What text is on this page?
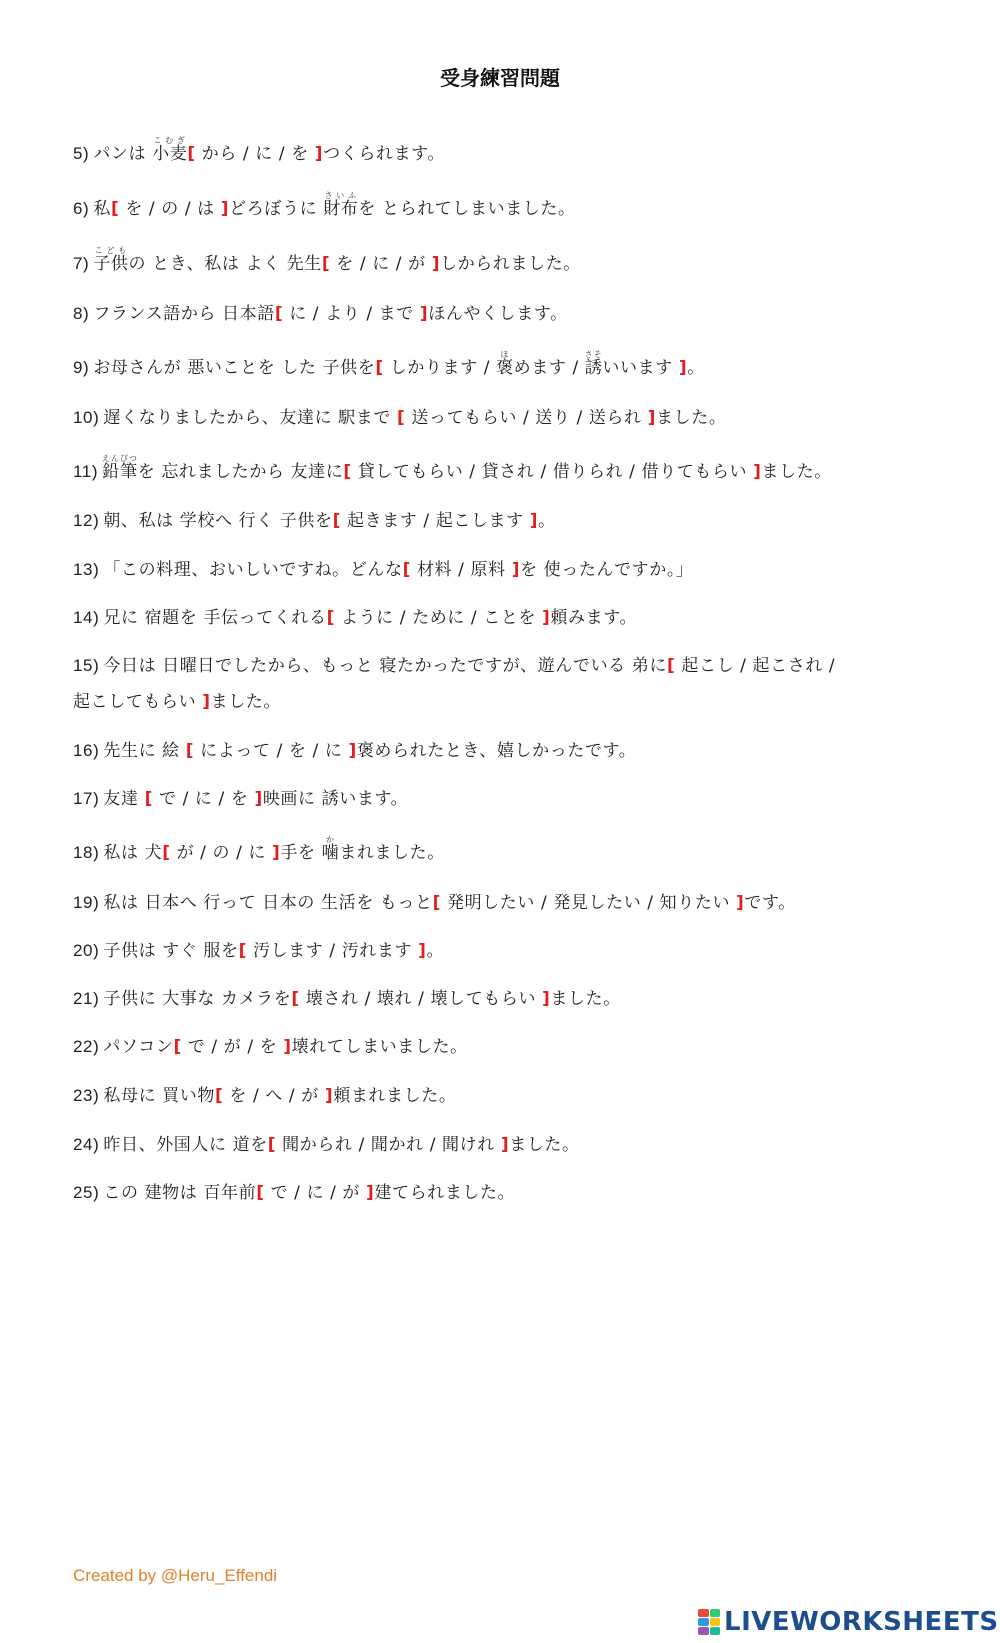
受身練習問題
5) パンは 小麦こむぎ[ から / に / を ]つくられます。
6) 私[ を / の / は ]どろぼうに 財布さいふを とられてしまいました。
7) 子供こどもの とき、私は よく 先生[ を / に / が ]しかられました。
8) フランス語から 日本語[ に / より / まで ]ほんやくします。
9) お母さんが 悪いことを した 子供を[ しかります / 褒ほめます / 誘さそいいます ]。
10) 遅くなりましたから、友達に 駅まで [ 送ってもらい / 送り / 送られ ]ました。
11) 鉛筆えんぴつを 忘れましたから 友達に[ 貸してもらい / 貸され / 借りられ / 借りてもらい ]ました。
12) 朝、私は 学校へ 行く 子供を[ 起きます / 起こします ]。
13) 「この料理、おいしいですね。どんな[ 材料 / 原料 ]を 使ったんですか。」
14) 兄に 宿題を 手伝ってくれる[ ように / ために / ことを ]頼みます。
15) 今日は 日曜日でしたから、もっと 寝たかったですが、遊んでいる 弟に[ 起こし / 起こされ /
起こしてもらい ]ました。
16) 先生に 絵 [ によって / を / に ]褒められたとき、嬉しかったです。
17) 友達 [ で / に / を ]映画に 誘います。
18) 私は 犬[ が / の / に ]手を 噛かまれました。
19) 私は 日本へ 行って 日本の 生活を もっと[ 発明したい / 発見したい / 知りたい ]です。
20) 子供は すぐ 服を[ 汚します / 汚れます ]。
21) 子供に 大事な カメラを[ 壊され / 壊れ / 壊してもらい ]ました。
22) パソコン[ で / が / を ]壊れてしまいました。
23) 私母に 買い物[ を / へ / が ]頼まれました。
24) 昨日、外国人に 道を[ 聞かられ / 聞かれ / 聞けれ ]ました。
25) この 建物は 百年前[ で / に / が ]建てられました。
Created by @Heru_Effendi
LIVEWORKSHEETS
